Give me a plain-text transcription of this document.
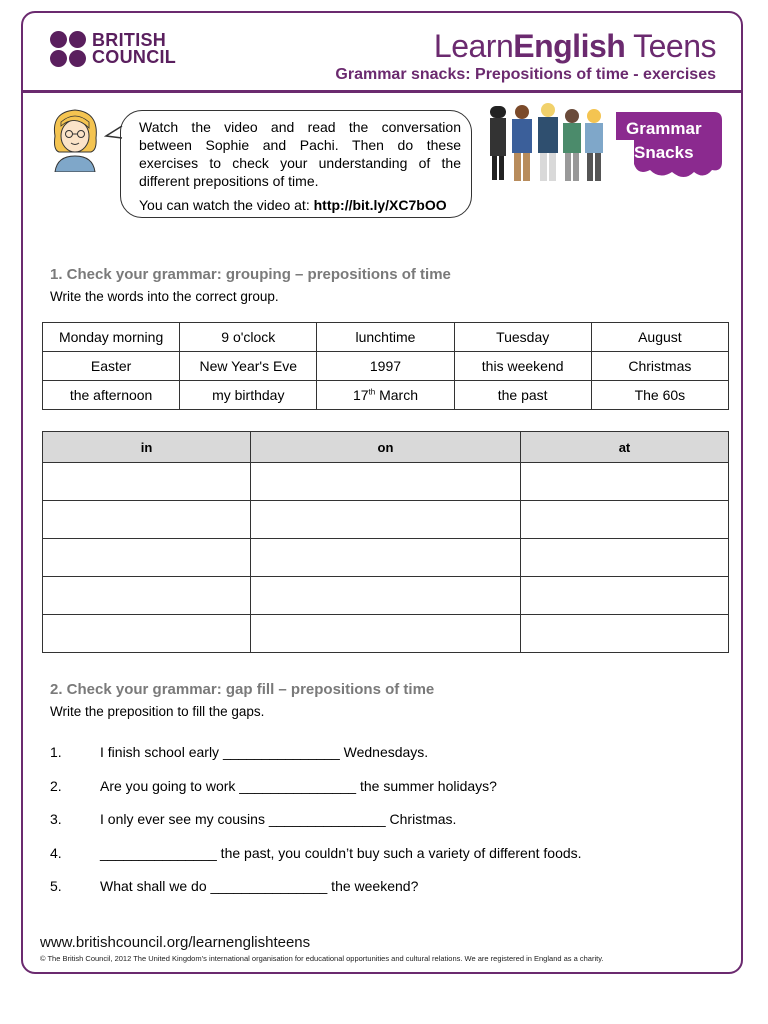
BRITISH
COUNCIL	LearnEnglish Teens
Grammar snacks: Prepositions of time - exercises

Watch the video and read the conversation between Sophie and Pachi. Then do these exercises to check your understanding of the different prepositions of time.

You can watch the video at: http://bit.ly/XC7bOO

Grammar
Snacks
1. Check your grammar: grouping – prepositions of time
Write the words into the correct group.
Monday morning	9 o'clock	lunchtime	Tuesday	August
Easter	New Year's Eve	1997	this weekend	Christmas
the afternoon	my birthday	17th March	the past	The 60s
in	on	at

2. Check your grammar: gap fill – prepositions of time
Write the preposition to fill the gaps.
1.	I finish school early _______________ Wednesdays.
2.	Are you going to work _______________ the summer holidays?
3.	I only ever see my cousins _______________ Christmas.
4.	_______________ the past, you couldn’t buy such a variety of different foods.
5.	What shall we do _______________ the weekend?
www.britishcouncil.org/learnenglishteens
© The British Council, 2012 The United Kingdom’s international organisation for educational opportunities and cultural relations. We are registered in England as a charity.
